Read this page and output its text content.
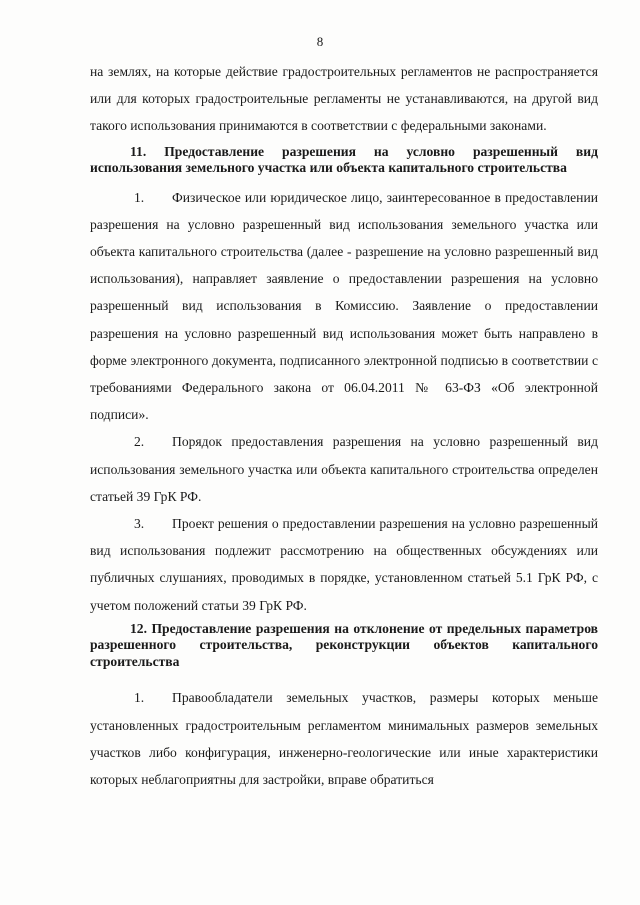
8

на землях, на которые действие градостроительных регламентов не распространяется или для которых градостроительные регламенты не устанавливаются, на другой вид такого использования принимаются в соответствии с федеральными законами.

11. Предоставление разрешения на условно разрешенный вид использования земельного участка или объекта капитального строительства

1. Физическое или юридическое лицо, заинтересованное в предоставлении разрешения на условно разрешенный вид использования земельного участка или объекта капитального строительства (далее - разрешение на условно разрешенный вид использования), направляет заявление о предоставлении разрешения на условно разрешенный вид использования в Комиссию. Заявление о предоставлении разрешения на условно разрешенный вид использования может быть направлено в форме электронного документа, подписанного электронной подписью в соответствии с требованиями Федерального закона от 06.04.2011 № 63-ФЗ «Об электронной подписи».

2. Порядок предоставления разрешения на условно разрешенный вид использования земельного участка или объекта капитального строительства определен статьей 39 ГрК РФ.

3. Проект решения о предоставлении разрешения на условно разрешенный вид использования подлежит рассмотрению на общественных обсуждениях или публичных слушаниях, проводимых в порядке, установленном статьей 5.1 ГрК РФ, с учетом положений статьи 39 ГрК РФ.

12. Предоставление разрешения на отклонение от предельных параметров разрешенного строительства, реконструкции объектов капитального строительства

1. Правообладатели земельных участков, размеры которых меньше установленных градостроительным регламентом минимальных размеров земельных участков либо конфигурация, инженерно-геологические или иные характеристики которых неблагоприятны для застройки, вправе обратиться
